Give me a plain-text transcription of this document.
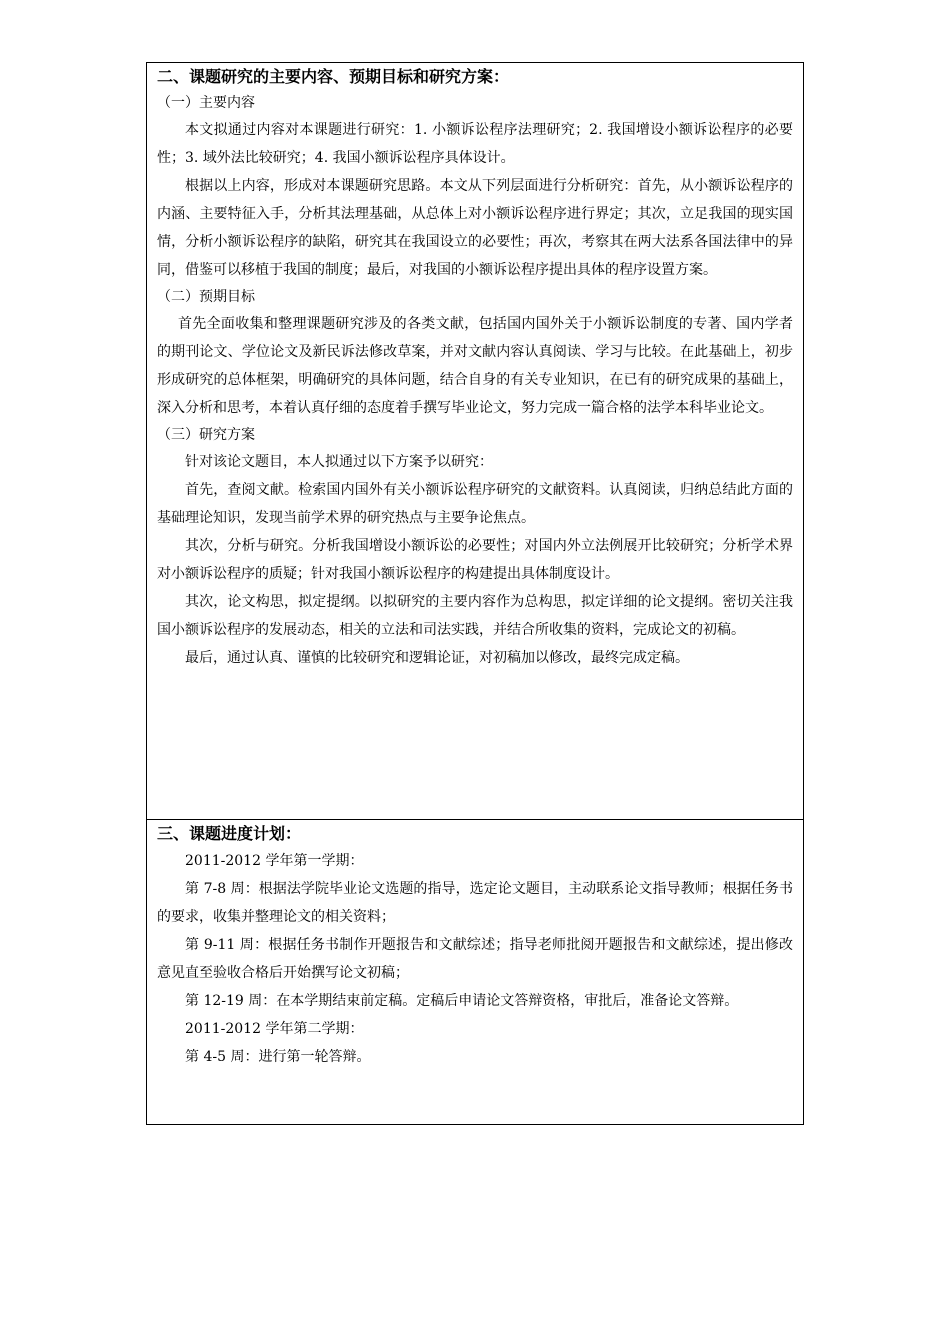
二、课题研究的主要内容、预期目标和研究方案：

（一）主要内容

本文拟通过内容对本课题进行研究：1. 小额诉讼程序法理研究；2. 我国增设小额诉讼程序的必要性；3. 域外法比较研究；4. 我国小额诉讼程序具体设计。

根据以上内容，形成对本课题研究思路。本文从下列层面进行分析研究：首先，从小额诉讼程序的内涵、主要特征入手，分析其法理基础，从总体上对小额诉讼程序进行界定；其次，立足我国的现实国情，分析小额诉讼程序的缺陷，研究其在我国设立的必要性；再次，考察其在两大法系各国法律中的异同，借鉴可以移植于我国的制度；最后，对我国的小额诉讼程序提出具体的程序设置方案。

（二）预期目标

首先全面收集和整理课题研究涉及的各类文献，包括国内国外关于小额诉讼制度的专著、国内学者的期刊论文、学位论文及新民诉法修改草案，并对文献内容认真阅读、学习与比较。在此基础上，初步形成研究的总体框架，明确研究的具体问题，结合自身的有关专业知识，在已有的研究成果的基础上，深入分析和思考，本着认真仔细的态度着手撰写毕业论文，努力完成一篇合格的法学本科毕业论文。

（三）研究方案

针对该论文题目，本人拟通过以下方案予以研究：

首先，查阅文献。检索国内国外有关小额诉讼程序研究的文献资料。认真阅读，归纳总结此方面的基础理论知识，发现当前学术界的研究热点与主要争论焦点。

其次，分析与研究。分析我国增设小额诉讼的必要性；对国内外立法例展开比较研究；分析学术界对小额诉讼程序的质疑；针对我国小额诉讼程序的构建提出具体制度设计。

其次，论文构思，拟定提纲。以拟研究的主要内容作为总构思，拟定详细的论文提纲。密切关注我国小额诉讼程序的发展动态，相关的立法和司法实践，并结合所收集的资料，完成论文的初稿。

最后，通过认真、谨慎的比较研究和逻辑论证，对初稿加以修改，最终完成定稿。

三、课题进度计划：

2011-2012 学年第一学期：

第 7-8 周：根据法学院毕业论文选题的指导，选定论文题目，主动联系论文指导教师；根据任务书的要求，收集并整理论文的相关资料；

第 9-11 周：根据任务书制作开题报告和文献综述；指导老师批阅开题报告和文献综述，提出修改意见直至验收合格后开始撰写论文初稿；

第 12-19 周：在本学期结束前定稿。定稿后申请论文答辩资格，审批后，准备论文答辩。

2011-2012 学年第二学期：

第 4-5 周：进行第一轮答辩。
